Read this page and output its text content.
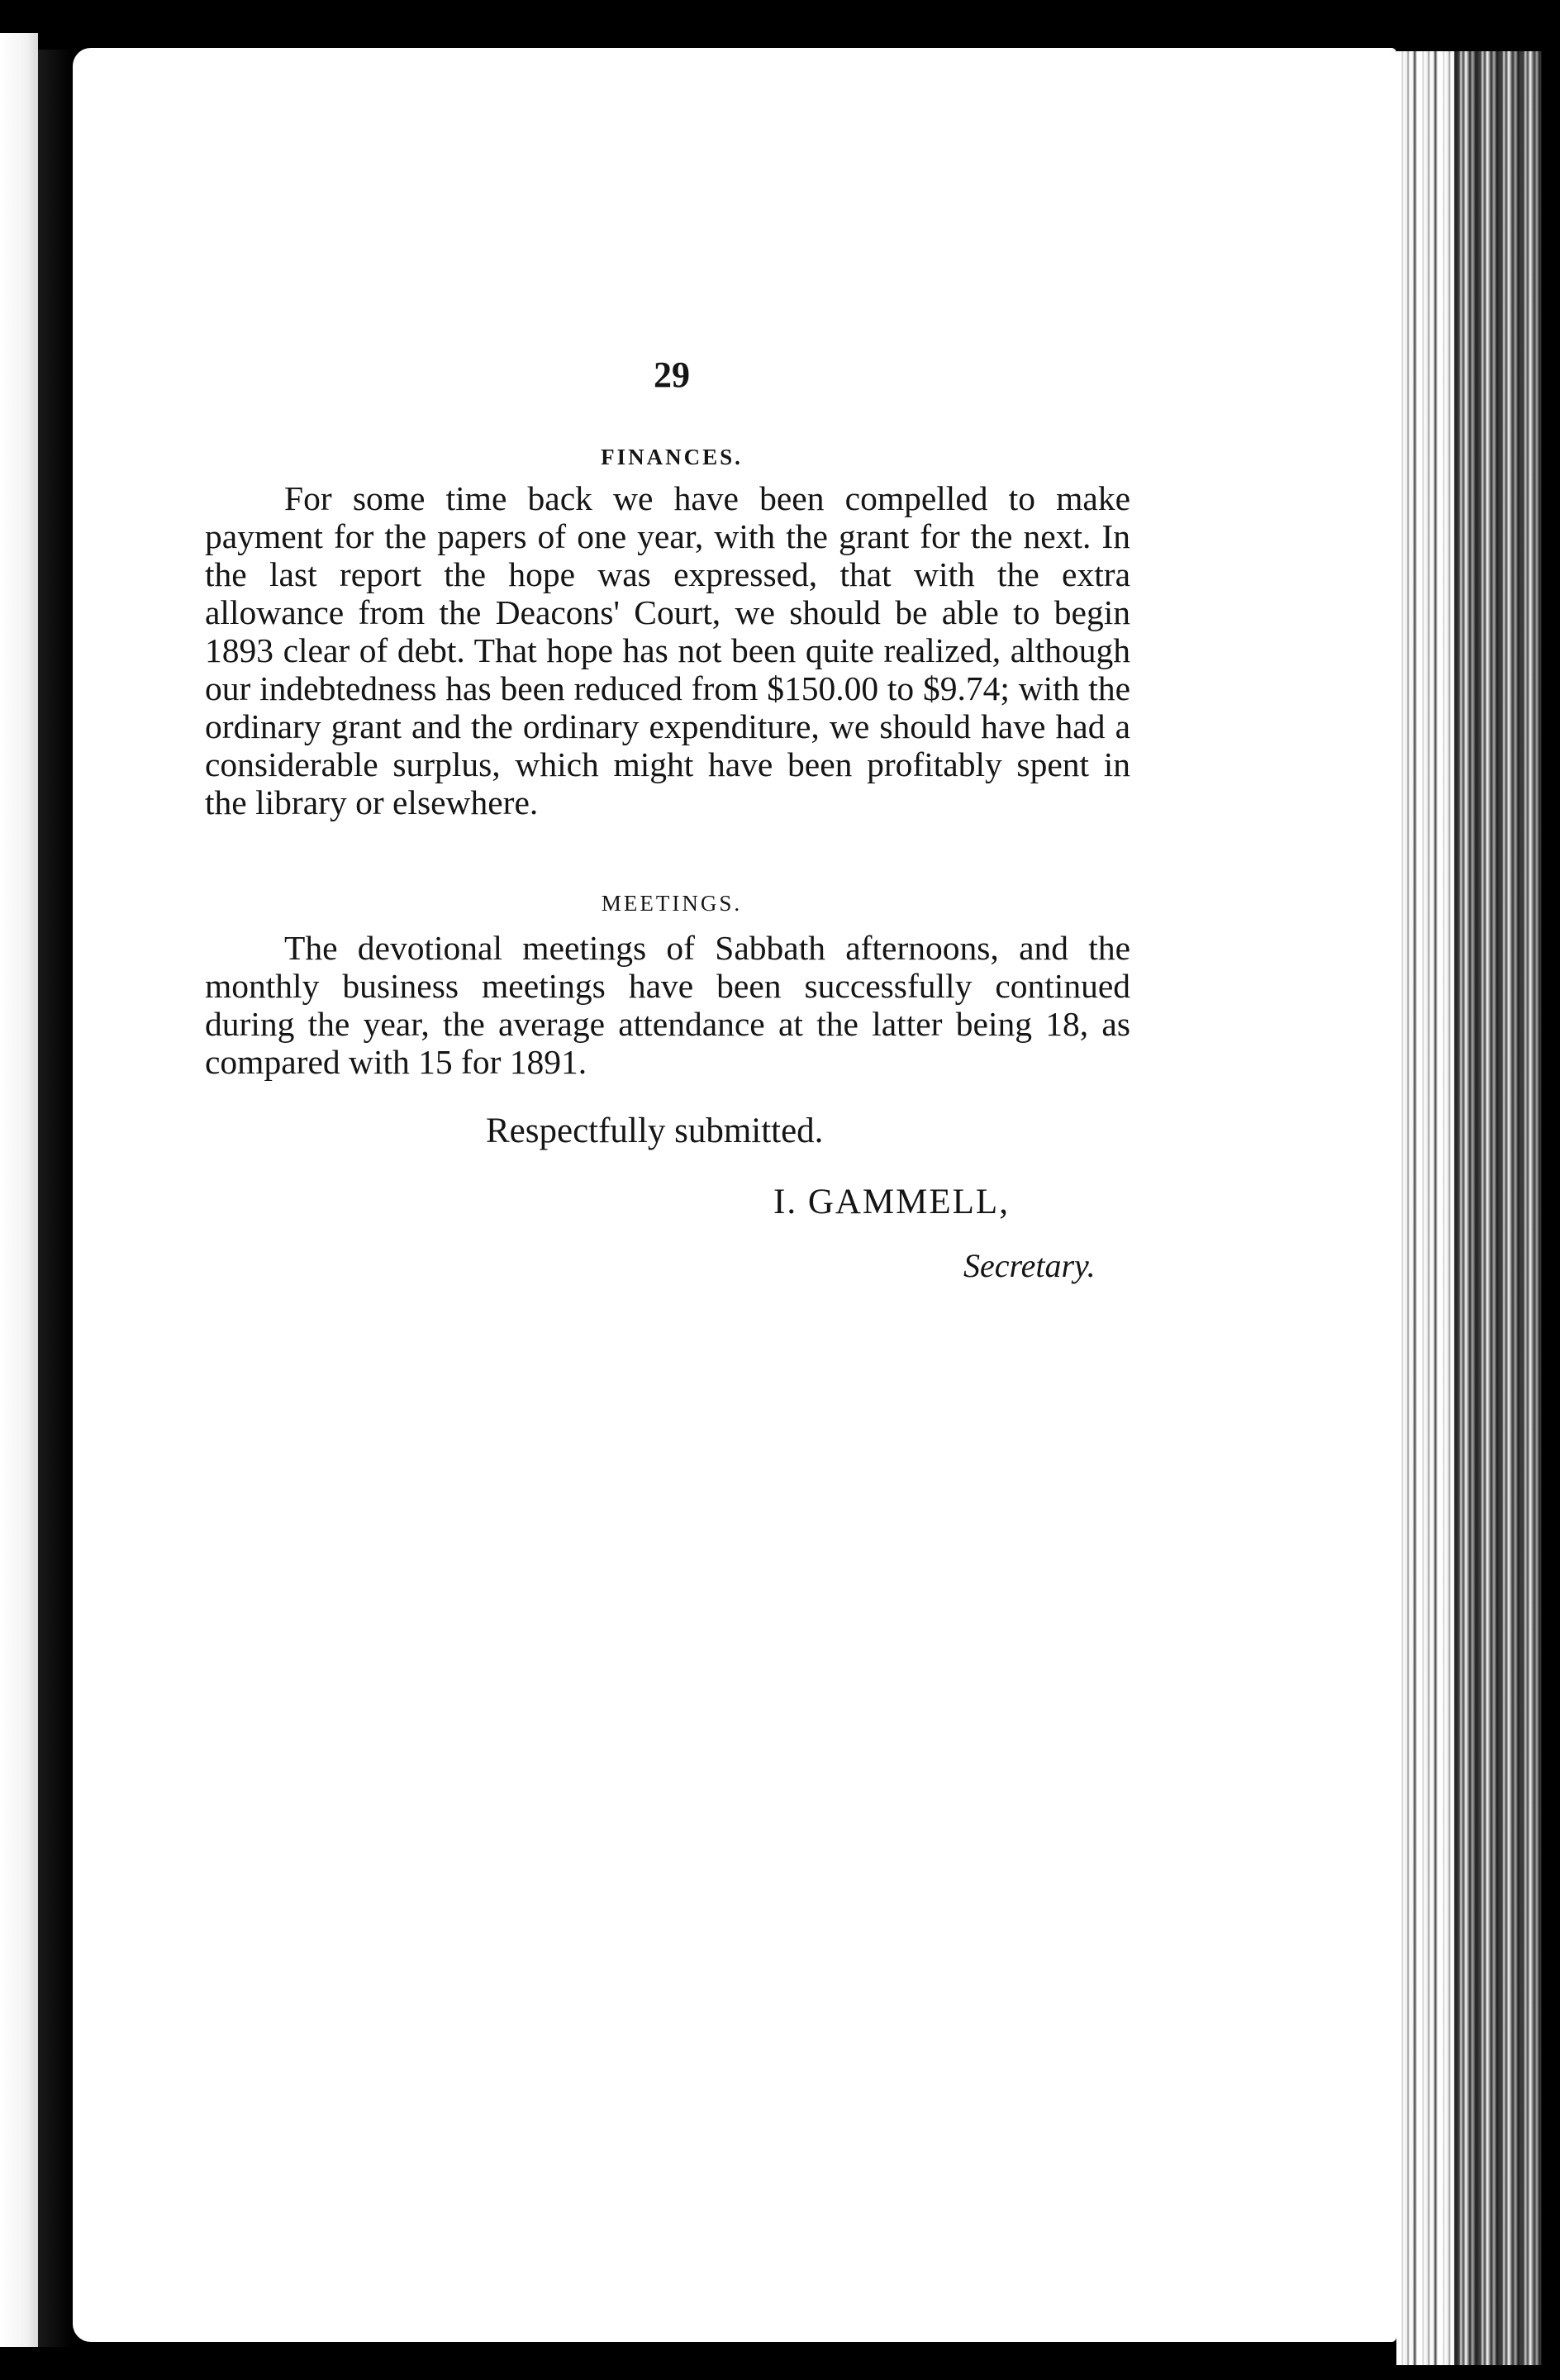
29
FINANCES.
For some time back we have been compelled to make payment for the papers of one year, with the grant for the next. In the last report the hope was expressed, that with the extra allowance from the Deacons' Court, we should be able to begin 1893 clear of debt. That hope has not been quite realized, although our indebtedness has been reduced from $150.00 to $9.74; with the ordinary grant and the ordinary expenditure, we should have had a considerable surplus, which might have been profitably spent in the library or elsewhere.
MEETINGS.
The devotional meetings of Sabbath afternoons, and the monthly business meetings have been successfully continued during the year, the average attendance at the latter being 18, as compared with 15 for 1891.
Respectfully submitted.
I. GAMMELL,
Secretary.
